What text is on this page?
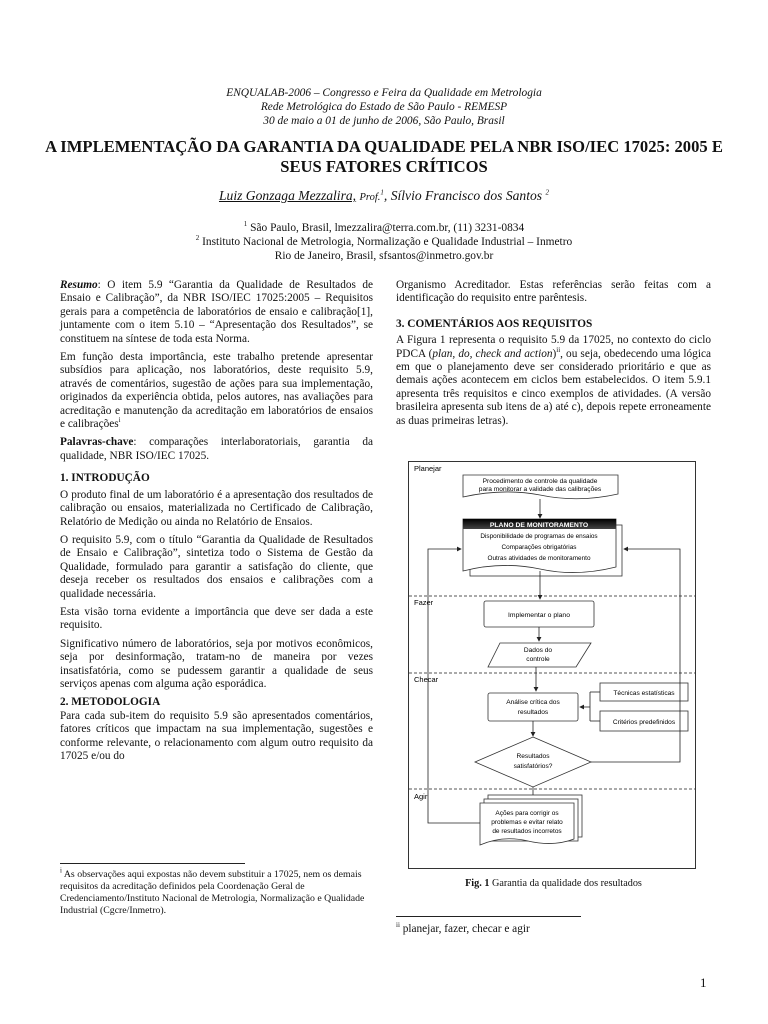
ENQUALAB-2006 – Congresso e Feira da Qualidade em Metrologia
Rede Metrológica do Estado de São Paulo - REMESP
30 de maio a 01 de junho de 2006, São Paulo, Brasil
A IMPLEMENTAÇÃO DA GARANTIA DA QUALIDADE PELA NBR ISO/IEC 17025: 2005 E SEUS FATORES CRÍTICOS
Luiz Gonzaga Mezzalira, Prof.$^1$, Sílvio Francisco dos Santos $^2$
$^1$ São Paulo, Brasil, lmezzalira@terra.com.br, (11) 3231-0834
$^2$ Instituto Nacional de Metrologia, Normalização e Qualidade Industrial – Inmetro
Rio de Janeiro, Brasil, sfsantos@inmetro.gov.br

Resumo: O item 5.9 “Garantia da Qualidade de Resultados de Ensaio e Calibração”, da NBR ISO/IEC 17025:2005 – Requisitos gerais para a competência de laboratórios de ensaio e calibração[1], juntamente com o item 5.10 – “Apresentação dos Resultados”, se constituem na síntese de toda esta Norma.

Em função desta importância, este trabalho pretende apresentar subsídios para aplicação, nos laboratórios, deste requisito 5.9, através de comentários, sugestão de ações para sua implementação, originados da experiência obtida, pelos autores, nas avaliações para acreditação e manutenção da acreditação em laboratórios de ensaios e calibrações$^i$

Palavras-chave: comparações interlaboratoriais, garantia da qualidade, NBR ISO/IEC 17025.

1. INTRODUÇÃO

O produto final de um laboratório é a apresentação dos resultados de calibração ou ensaios, materializada no Certificado de Calibração, Relatório de Medição ou ainda no Relatório de Ensaios.

O requisito 5.9, com o título “Garantia da Qualidade de Resultados de Ensaio e Calibração”, sintetiza todo o Sistema de Gestão da Qualidade, formulado para garantir a satisfação do cliente, que deseja receber os resultados dos ensaios e calibrações com a qualidade necessária.

Esta visão torna evidente a importância que deve ser dada a este requisito.

Significativo número de laboratórios, seja por motivos econômicos, seja por desinformação, tratam-no de maneira por vezes insatisfatória, como se pudessem garantir a qualidade de seus serviços apenas com alguma ação esporádica.

2. METODOLOGIA

Para cada sub-item do requisito 5.9 são apresentados comentários, fatores críticos que impactam na sua implementação, sugestões e conforme relevante, o relacionamento com algum outro requisito da 17025 e/ou do

$^i$ As observações aqui expostas não devem substituir a 17025, nem os demais requisitos da acreditação definidos pela Coordenação Geral de Credenciamento/Instituto Nacional de Metrologia, Normalização e Qualidade Industrial (Cgcre/Inmetro).

Organismo Acreditador. Estas referências serão feitas com a identificação do requisito entre parêntesis.

3. COMENTÁRIOS AOS REQUISITOS

A Figura 1 representa o requisito 5.9 da 17025, no contexto do ciclo PDCA (plan, do, check and action)$^{ii}$, ou seja, obedecendo uma lógica em que o planejamento deve ser considerado prioritário e que as demais ações acontecem em ciclos bem estabelecidos. O item 5.9.1 apresenta três requisitos e cinco exemplos de atividades. (A versão brasileira apresenta sub itens de a) até c), depois repete erroneamente as duas primeiras letras).

Planejar
Fazer
Checar
Agir
Procedimento de controle da qualidade
para monitorar a validade das calibrações
PLANO DE MONITORAMENTO
Disponibilidade de programas de ensaios
Comparações obrigatórias
Outras atividades de monitoramento
Implementar o plano
Dados do
controle
Análise crítica dos
resultados
Técnicas estatísticas
Critérios predefinidos
Resultados
satisfatórios?
Ações para corrigir os
problemas e evitar relato
de resultados incorretos
Fig. 1 Garantia da qualidade dos resultados
$^{ii}$ planejar, fazer, checar e agir
1
